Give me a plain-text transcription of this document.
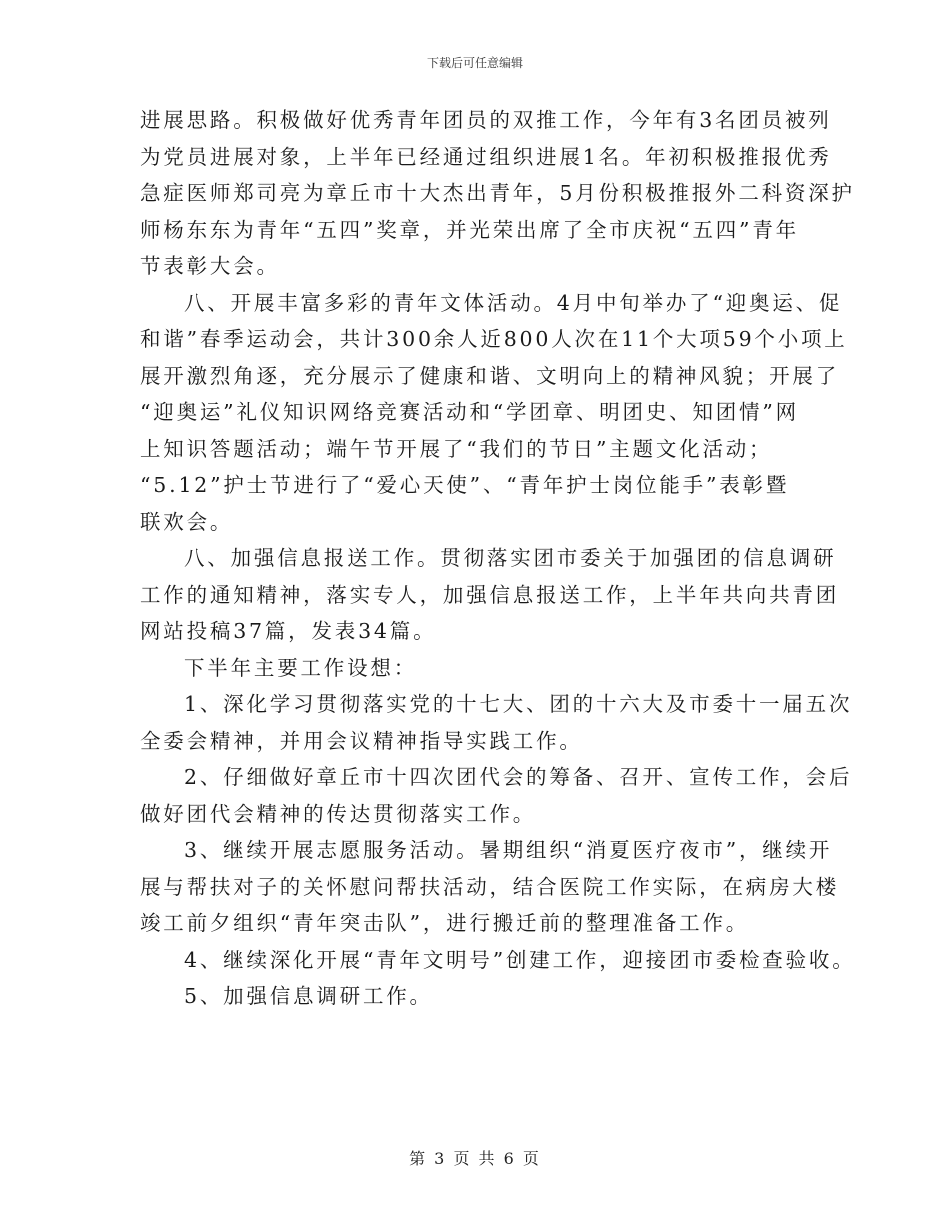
下载后可任意编辑
进展思路。积极做好优秀青年团员的双推工作，今年有3名团员被列
为党员进展对象，上半年已经通过组织进展1名。年初积极推报优秀
急症医师郑司亮为章丘市十大杰出青年，5月份积极推报外二科资深护
师杨东东为青年“五四”奖章，并光荣出席了全市庆祝“五四”青年
节表彰大会。
八、开展丰富多彩的青年文体活动。4月中旬举办了“迎奥运、促
和谐”春季运动会，共计300余人近800人次在11个大项59个小项上
展开激烈角逐，充分展示了健康和谐、文明向上的精神风貌；开展了
“迎奥运”礼仪知识网络竞赛活动和“学团章、明团史、知团情”网
上知识答题活动；端午节开展了“我们的节日”主题文化活动；
“5.12”护士节进行了“爱心天使”、“青年护士岗位能手”表彰暨
联欢会。
八、加强信息报送工作。贯彻落实团市委关于加强团的信息调研
工作的通知精神，落实专人，加强信息报送工作，上半年共向共青团
网站投稿37篇，发表34篇。
下半年主要工作设想：
1、深化学习贯彻落实党的十七大、团的十六大及市委十一届五次
全委会精神，并用会议精神指导实践工作。
2、仔细做好章丘市十四次团代会的筹备、召开、宣传工作，会后
做好团代会精神的传达贯彻落实工作。
3、继续开展志愿服务活动。暑期组织“消夏医疗夜市”，继续开
展与帮扶对子的关怀慰问帮扶活动，结合医院工作实际，在病房大楼
竣工前夕组织“青年突击队”，进行搬迁前的整理准备工作。
4、继续深化开展“青年文明号”创建工作，迎接团市委检查验收。
5、加强信息调研工作。
第 3 页 共 6 页
